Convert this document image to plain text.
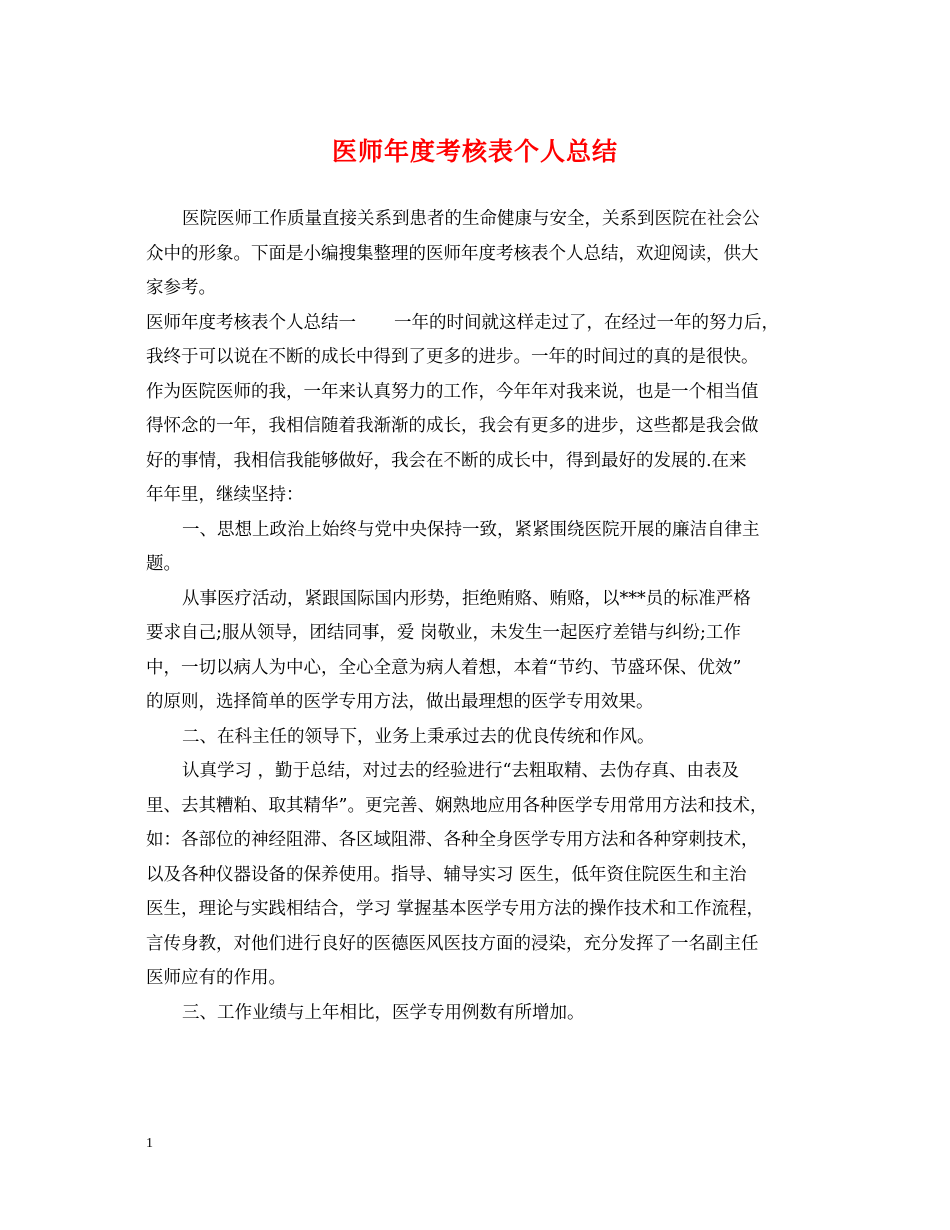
医师年度考核表个人总结
医院医师工作质量直接关系到患者的生命健康与安全，关系到医院在社会公
众中的形象。下面是小编搜集整理的医师年度考核表个人总结，欢迎阅读，供大
家参考。
医师年度考核表个人总结一 一年的时间就这样走过了，在经过一年的努力后，
我终于可以说在不断的成长中得到了更多的进步。一年的时间过的真的是很快。
作为医院医师的我，一年来认真努力的工作，今年年对我来说，也是一个相当值
得怀念的一年，我相信随着我渐渐的成长，我会有更多的进步，这些都是我会做
好的事情，我相信我能够做好，我会在不断的成长中，得到最好的发展的.在来
年年里，继续坚持：
一、思想上政治上始终与党中央保持一致，紧紧围绕医院开展的廉洁自律主
题。
从事医疗活动，紧跟国际国内形势，拒绝贿赂、贿赂，以***员的标准严格
要求自己;服从领导，团结同事，爱 岗敬业，未发生一起医疗差错与纠纷;工作
中，一切以病人为中心，全心全意为病人着想，本着“节约、节盛环保、优效”
的原则，选择简单的医学专用方法，做出最理想的医学专用效果。
二、在科主任的领导下，业务上秉承过去的优良传统和作风。
认真学习 ，勤于总结，对过去的经验进行“去粗取精、去伪存真、由表及
里、去其糟粕、取其精华”。更完善、娴熟地应用各种医学专用常用方法和技术，
如：各部位的神经阻滞、各区域阻滞、各种全身医学专用方法和各种穿刺技术，
以及各种仪器设备的保养使用。指导、辅导实习 医生，低年资住院医生和主治
医生，理论与实践相结合，学习 掌握基本医学专用方法的操作技术和工作流程，
言传身教，对他们进行良好的医德医风医技方面的浸染，充分发挥了一名副主任
医师应有的作用。
三、工作业绩与上年相比，医学专用例数有所增加。
1
